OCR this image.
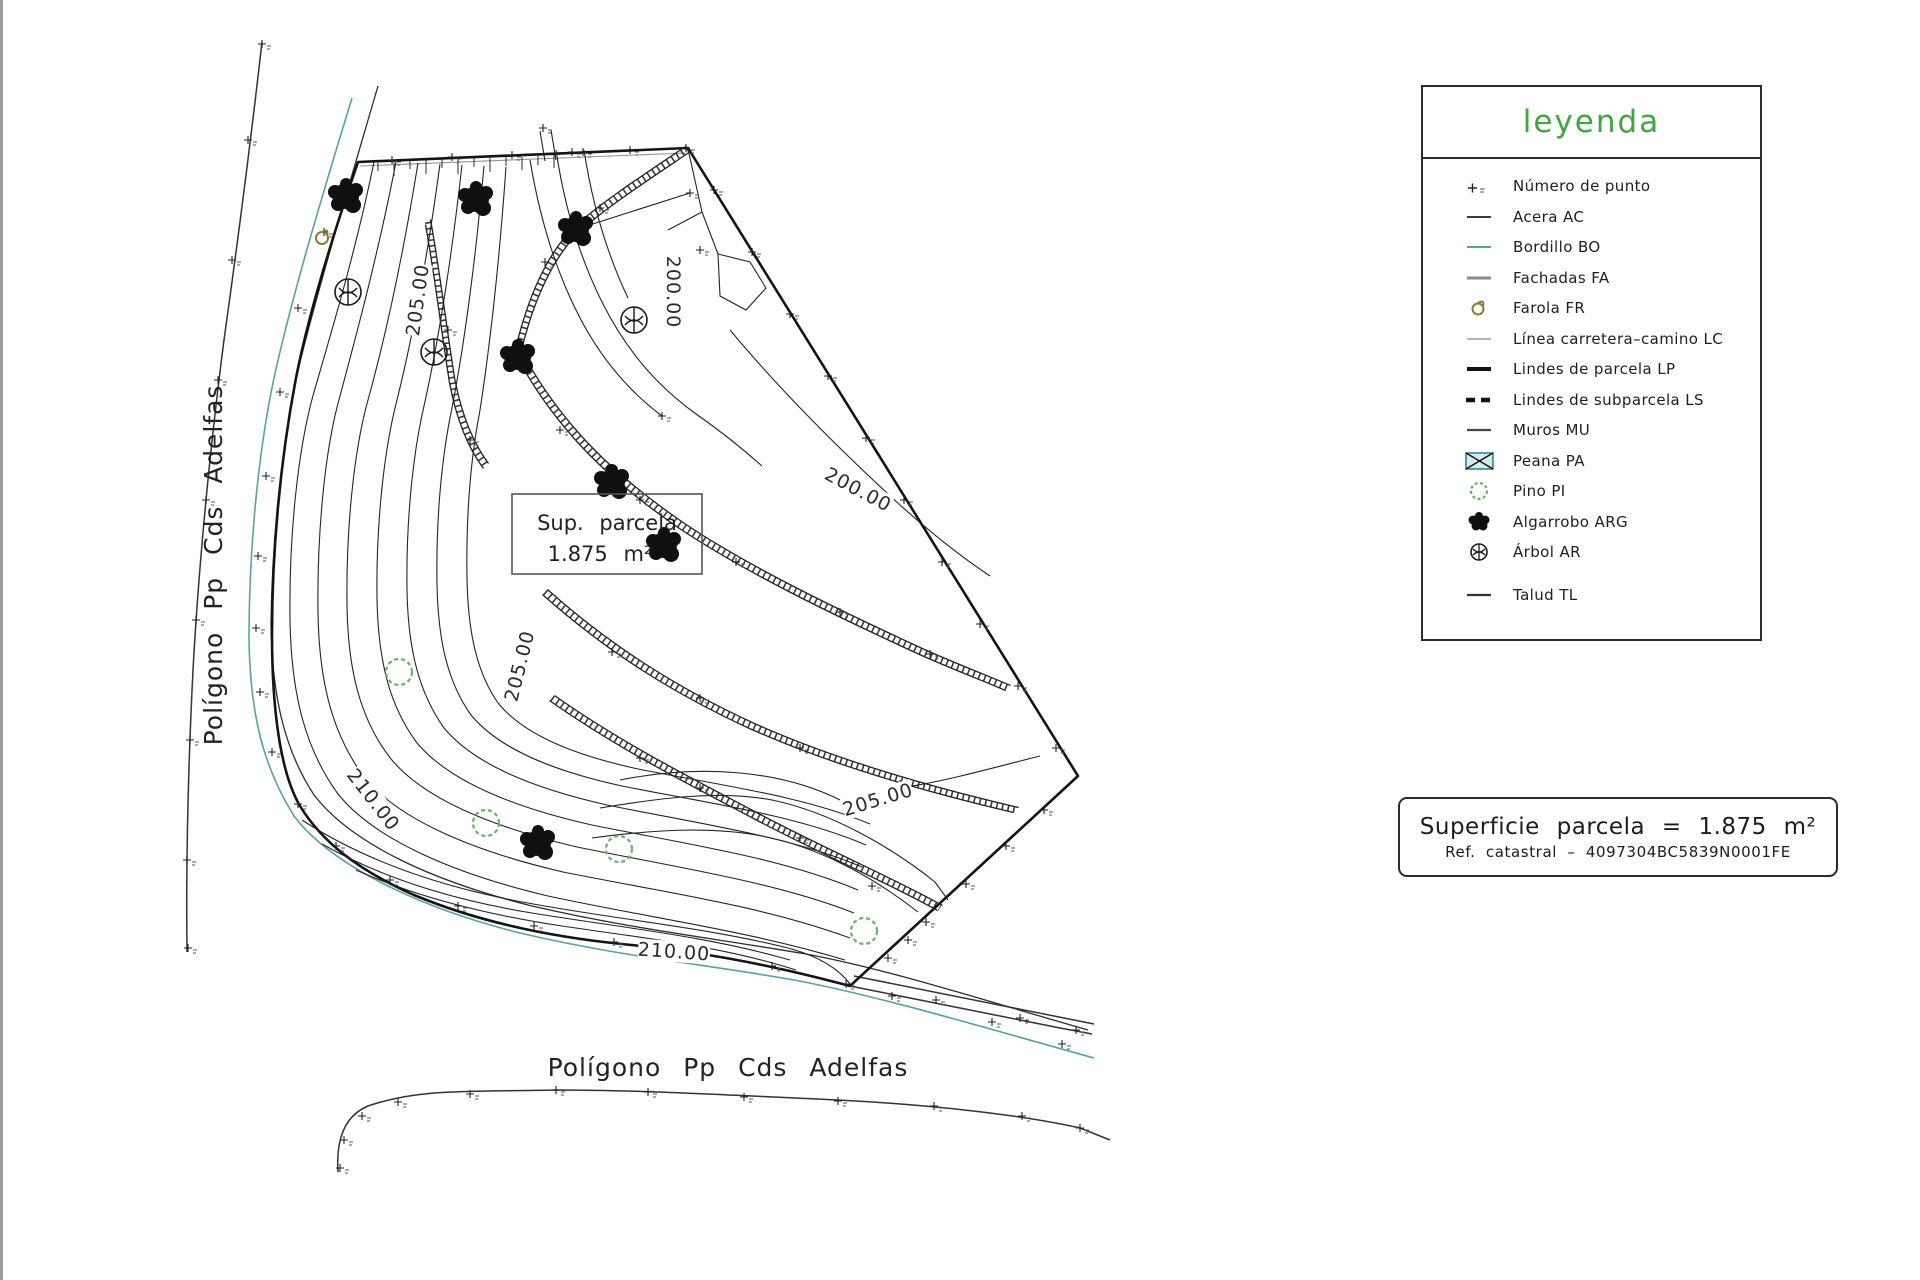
Sup. parcela
1.875 m²
205.00	200.00
200.00
205.00
205.00
210.00
210.00
Polígono Pp Cds Adelfas
Polígono Pp Cds Adelfas
leyenda
Número de punto
Acera AC
Bordillo BO
Fachadas FA
Farola FR
Línea carretera–camino LC
Lindes de parcela LP
Lindes de subparcela LS
Muros MU
Peana PA
Pino PI
Algarrobo ARG
Árbol AR
Talud TL
Superficie parcela = 1.875 m²
Ref. catastral – 4097304BC5839N0001FE
